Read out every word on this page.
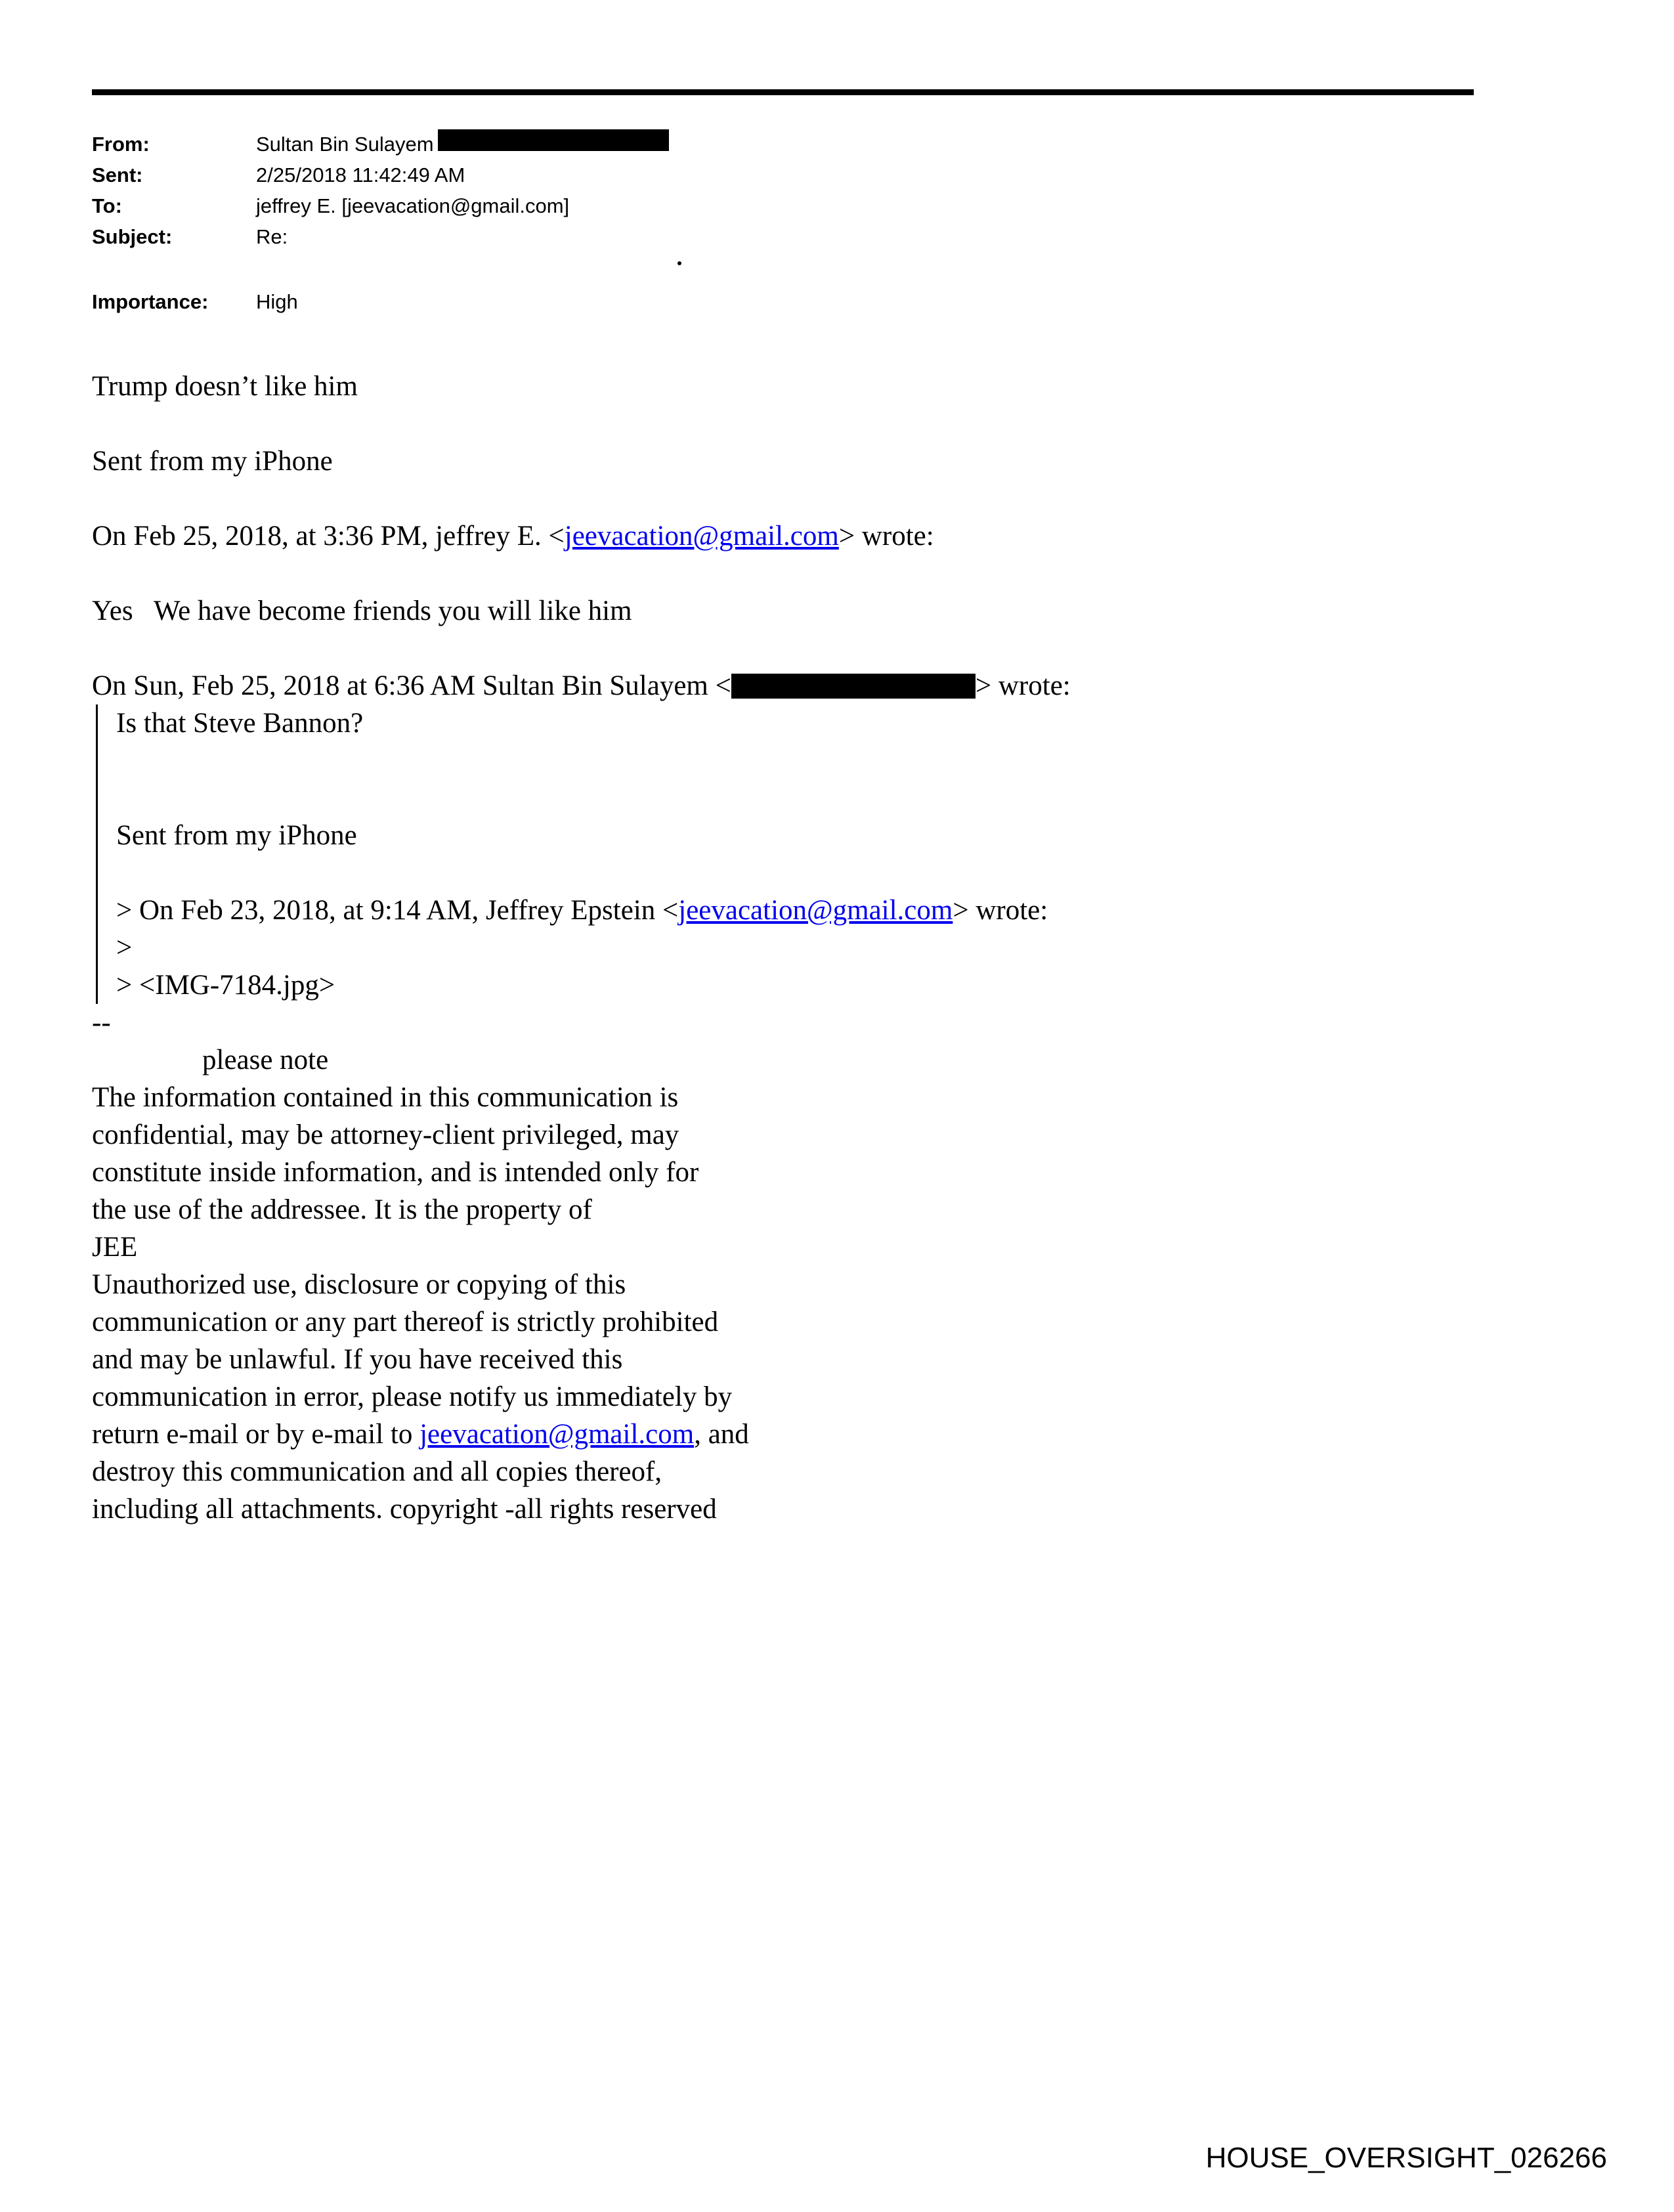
From:	Sultan Bin Sulayem
Sent:	2/25/2018 11:42:49 AM
To:	jeffrey E. [jeevacation@gmail.com]
Subject:	Re:
Importance:	High
Trump doesn’t like him
Sent from my iPhone
On Feb 25, 2018, at 3:36 PM, jeffrey E. <jeevacation@gmail.com> wrote:
Yes   We have become friends you will like him
On Sun, Feb 25, 2018 at 6:36 AM Sultan Bin Sulayem <	> wrote:
Is that Steve Bannon?
Sent from my iPhone
> On Feb 23, 2018, at 9:14 AM, Jeffrey Epstein <jeevacation@gmail.com> wrote:
>
> <IMG-7184.jpg>
--
please note
The information contained in this communication is
confidential, may be attorney-client privileged, may
constitute inside information, and is intended only for
the use of the addressee. It is the property of
JEE
Unauthorized use, disclosure or copying of this
communication or any part thereof is strictly prohibited
and may be unlawful. If you have received this
communication in error, please notify us immediately by
return e-mail or by e-mail to jeevacation@gmail.com, and
destroy this communication and all copies thereof,
including all attachments. copyright -all rights reserved
HOUSE_OVERSIGHT_026266
